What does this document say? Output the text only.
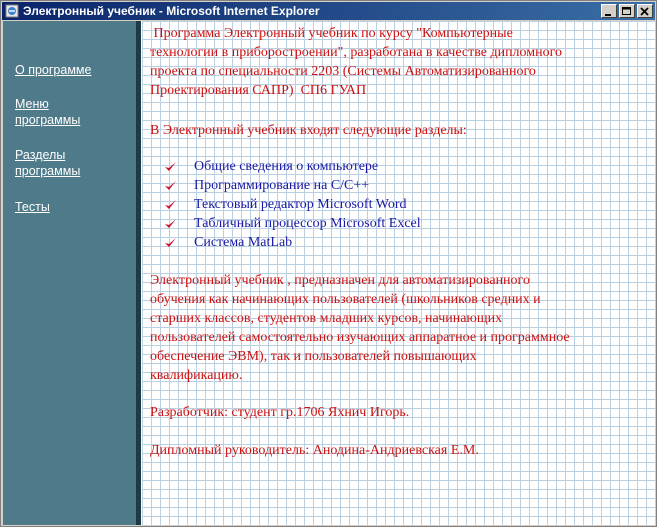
Электронный учебник - Microsoft Internet Explorer
О программе
Меню
программы
Разделы
программы
Тесты
Программа Электронный учебник по курсу "Компьютерные
технологии в приборостроении", разработана в качестве дипломного
проекта по специальности 2203 (Системы Автоматизированного
Проектирования САПР)  СП6 ГУАП
В Электронный учебник входят следующие разделы:
Общие сведения о компьютере
Программирование на C/C++
Текстовый редактор Microsoft Word
Табличный процессор Microsoft Excel
Система MatLab
Электронный учебник , предназначен для автоматизированного
обучения как начинающих пользователей (школьников средних и
старших классов, студентов младших курсов, начинающих
пользователей самостоятельно изучающих аппаратное и программное
обеспечение ЭВМ), так и пользователей повышающих
квалификацию.
Разработчик: студент гр.1706 Яхнич Игорь.
Дипломный руководитель: Анодина-Андриевская Е.М.
